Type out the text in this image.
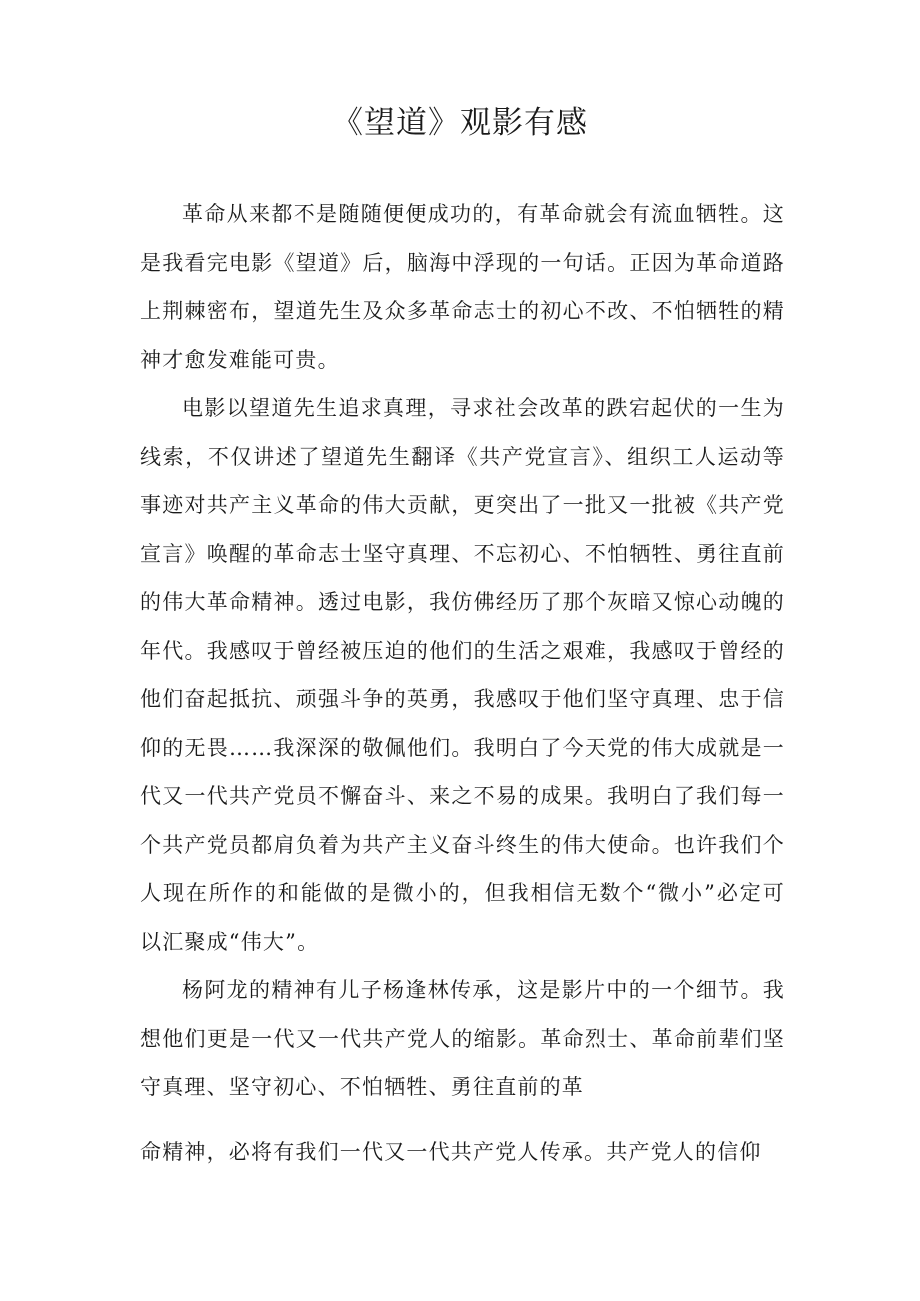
《望道》观影有感

革命从来都不是随随便便成功的，有革命就会有流血牺牲。这是我看完电影《望道》后，脑海中浮现的一句话。正因为革命道路上荆棘密布，望道先生及众多革命志士的初心不改、不怕牺牲的精神才愈发难能可贵。

电影以望道先生追求真理，寻求社会改革的跌宕起伏的一生为线索，不仅讲述了望道先生翻译《共产党宣言》、组织工人运动等事迹对共产主义革命的伟大贡献，更突出了一批又一批被《共产党宣言》唤醒的革命志士坚守真理、不忘初心、不怕牺牲、勇往直前的伟大革命精神。透过电影，我仿佛经历了那个灰暗又惊心动魄的年代。我感叹于曾经被压迫的他们的生活之艰难，我感叹于曾经的他们奋起抵抗、顽强斗争的英勇，我感叹于他们坚守真理、忠于信仰的无畏……我深深的敬佩他们。我明白了今天党的伟大成就是一代又一代共产党员不懈奋斗、来之不易的成果。我明白了我们每一个共产党员都肩负着为共产主义奋斗终生的伟大使命。也许我们个人现在所作的和能做的是微小的，但我相信无数个“微小”必定可以汇聚成“伟大”。

杨阿龙的精神有儿子杨逢林传承，这是影片中的一个细节。我想他们更是一代又一代共产党人的缩影。革命烈士、革命前辈们坚守真理、坚守初心、不怕牺牲、勇往直前的革

命精神，必将有我们一代又一代共产党人传承。共产党人的信仰
